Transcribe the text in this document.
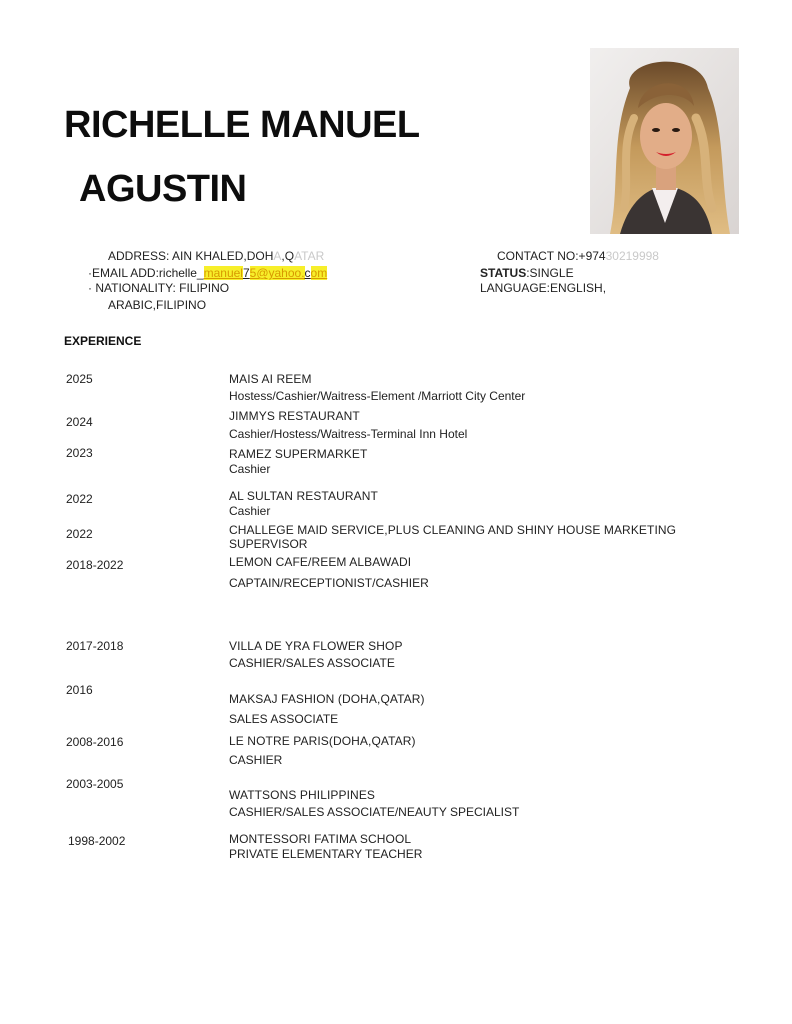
RICHELLE MANUEL
AGUSTIN
ADDRESS: AIN KHALED,DOHA,QATAR
·EMAIL ADD:richelle_manuel75@yahoo.com
· NATIONALITY: FILIPINO
ARABIC,FILIPINO
CONTACT NO:+97430219998
STATUS:SINGLE
LANGUAGE:ENGLISH,
EXPERIENCE
2025	MAIS AI REEM
Hostess/Cashier/Waitress-Element /Marriott City Center
2024	JIMMYS RESTAURANT
Cashier/Hostess/Waitress-Terminal Inn Hotel
2023	RAMEZ SUPERMARKET
Cashier
2022	AL SULTAN RESTAURANT
Cashier
2022	CHALLEGE MAID SERVICE,PLUS CLEANING AND SHINY HOUSE MARKETING
SUPERVISOR
2018-2022	LEMON CAFE/REEM ALBAWADI
CAPTAIN/RECEPTIONIST/CASHIER
2017-2018	VILLA DE YRA FLOWER SHOP
CASHIER/SALES ASSOCIATE
2016
MAKSAJ FASHION (DOHA,QATAR)
SALES ASSOCIATE
2008-2016	LE NOTRE PARIS(DOHA,QATAR)
CASHIER
2003-2005
WATTSONS PHILIPPINES
CASHIER/SALES ASSOCIATE/NEAUTY SPECIALIST
1998-2002	MONTESSORI FATIMA SCHOOL
PRIVATE ELEMENTARY TEACHER
